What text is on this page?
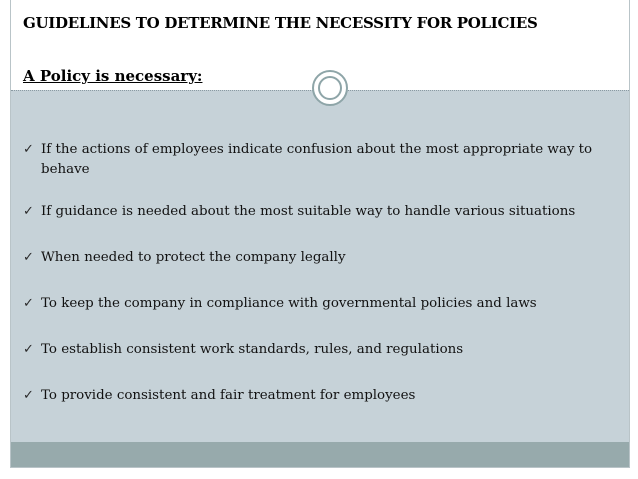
GUIDELINES TO DETERMINE THE NECESSITY FOR POLICIES
A Policy is necessary:
✓ If the actions of employees indicate confusion about the most appropriate way to behave
✓ If guidance is needed about the most suitable way to handle various situations
✓ When needed to protect the company legally
✓ To keep the company in compliance with governmental policies and laws
✓ To establish consistent work standards, rules, and regulations
✓ To provide consistent and fair treatment for employees
